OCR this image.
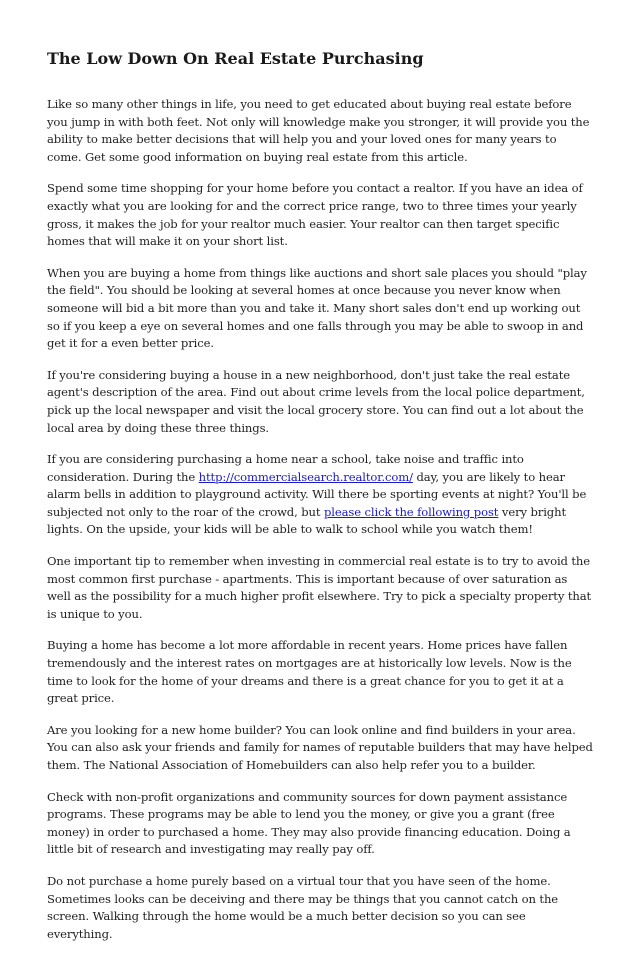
The Low Down On Real Estate Purchasing

Like so many other things in life, you need to get educated about buying real estate before you jump in with both feet. Not only will knowledge make you stronger, it will provide you the ability to make better decisions that will help you and your loved ones for many years to come. Get some good information on buying real estate from this article.

Spend some time shopping for your home before you contact a realtor. If you have an idea of exactly what you are looking for and the correct price range, two to three times your yearly gross, it makes the job for your realtor much easier. Your realtor can then target specific homes that will make it on your short list.

When you are buying a home from things like auctions and short sale places you should "play the field". You should be looking at several homes at once because you never know when someone will bid a bit more than you and take it. Many short sales don't end up working out so if you keep a eye on several homes and one falls through you may be able to swoop in and get it for a even better price.

If you're considering buying a house in a new neighborhood, don't just take the real estate agent's description of the area. Find out about crime levels from the local police department, pick up the local newspaper and visit the local grocery store. You can find out a lot about the local area by doing these three things.

If you are considering purchasing a home near a school, take noise and traffic into consideration. During the http://commercialsearch.realtor.com/ day, you are likely to hear alarm bells in addition to playground activity. Will there be sporting events at night? You'll be subjected not only to the roar of the crowd, but please click the following post very bright lights. On the upside, your kids will be able to walk to school while you watch them!

One important tip to remember when investing in commercial real estate is to try to avoid the most common first purchase - apartments. This is important because of over saturation as well as the possibility for a much higher profit elsewhere. Try to pick a specialty property that is unique to you.

Buying a home has become a lot more affordable in recent years. Home prices have fallen tremendously and the interest rates on mortgages are at historically low levels. Now is the time to look for the home of your dreams and there is a great chance for you to get it at a great price.

Are you looking for a new home builder? You can look online and find builders in your area. You can also ask your friends and family for names of reputable builders that may have helped them. The National Association of Homebuilders can also help refer you to a builder.

Check with non-profit organizations and community sources for down payment assistance programs. These programs may be able to lend you the money, or give you a grant (free money) in order to purchased a home. They may also provide financing education. Doing a little bit of research and investigating may really pay off.

Do not purchase a home purely based on a virtual tour that you have seen of the home. Sometimes looks can be deceiving and there may be things that you cannot catch on the screen. Walking through the home would be a much better decision so you can see everything.
